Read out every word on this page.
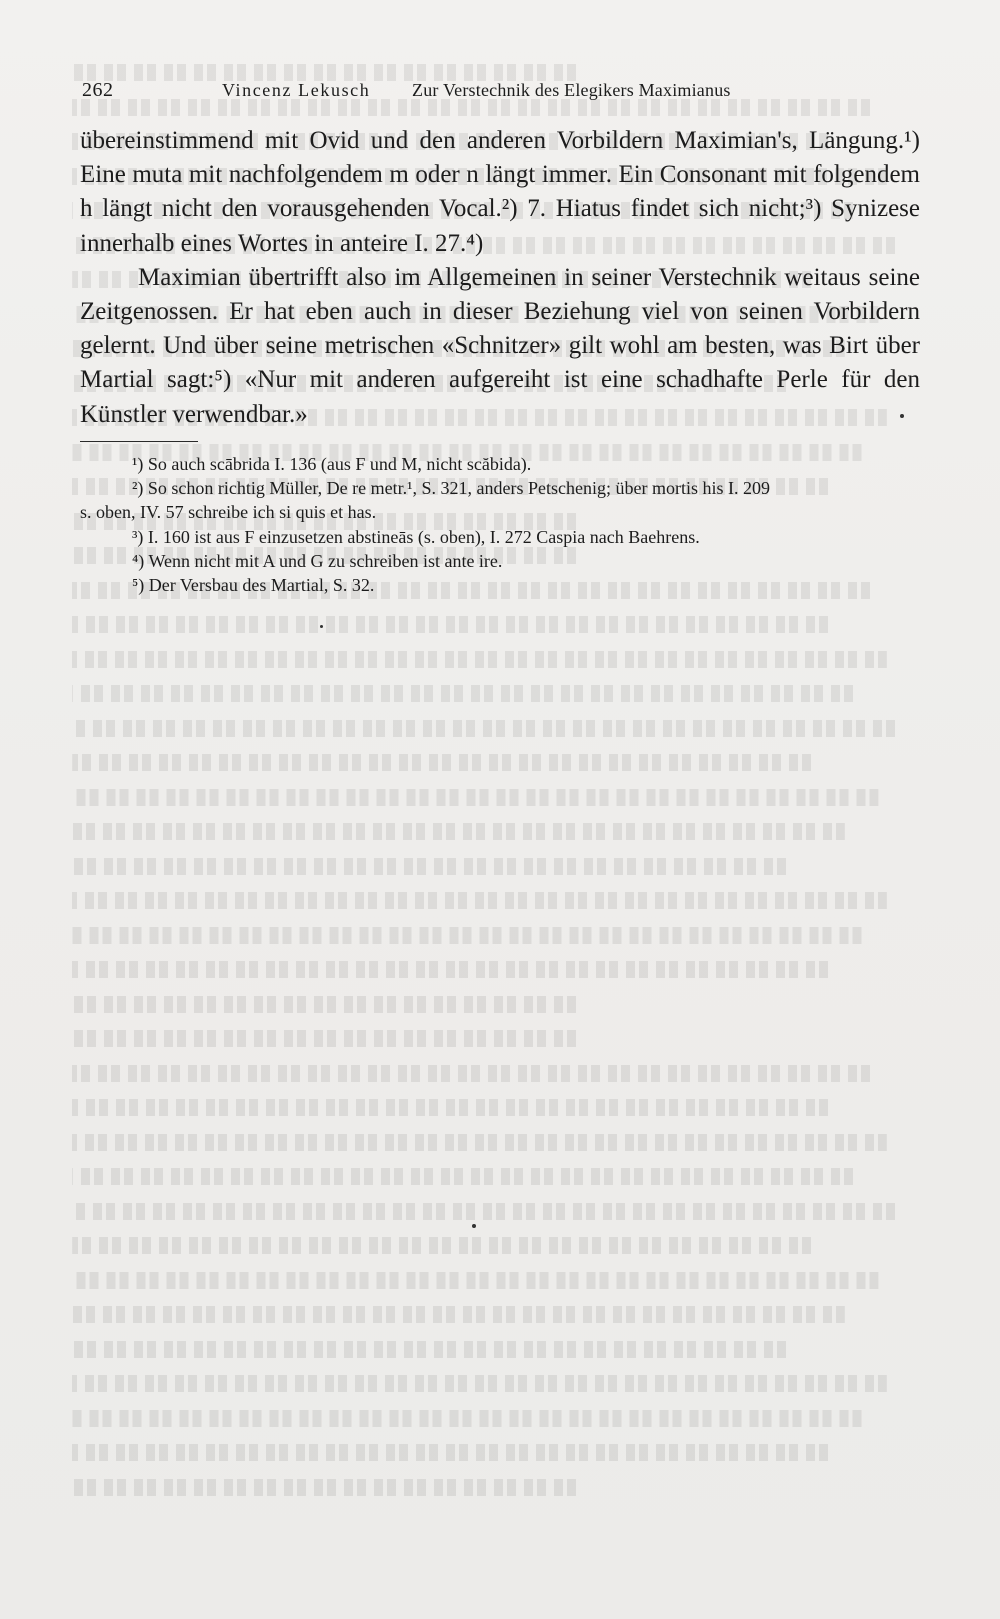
262	Vincenz Lekusch Zur Verstechnik des Elegikers Maximianus

übereinstimmend mit Ovid und den anderen Vorbildern Maximian's, Längung.¹) Eine muta mit nachfolgendem m oder n längt immer. Ein Consonant mit folgendem h längt nicht den vorausgehenden Vocal.²) 7. Hiatus findet sich nicht;³) Synizese innerhalb eines Wortes in anteire I. 27.⁴)

Maximian übertrifft also im Allgemeinen in seiner Verstechnik weitaus seine Zeitgenossen. Er hat eben auch in dieser Beziehung viel von seinen Vorbildern gelernt. Und über seine metrischen «Schnitzer» gilt wohl am besten, was Birt über Martial sagt:⁵) «Nur mit anderen aufgereiht ist eine schadhafte Perle für den Künstler verwendbar.»

¹) So auch scābrida I. 136 (aus F und M, nicht scăbida).

²) So schon richtig Müller, De re metr.¹, S. 321, anders Petschenig; über mortis his I. 209

s. oben, IV. 57 schreibe ich si quis et has.

³) I. 160 ist aus F einzusetzen abstineās (s. oben), I. 272 Caspia nach Baehrens.

⁴) Wenn nicht mit A und G zu schreiben ist ante ire.

⁵) Der Versbau des Martial, S. 32.
